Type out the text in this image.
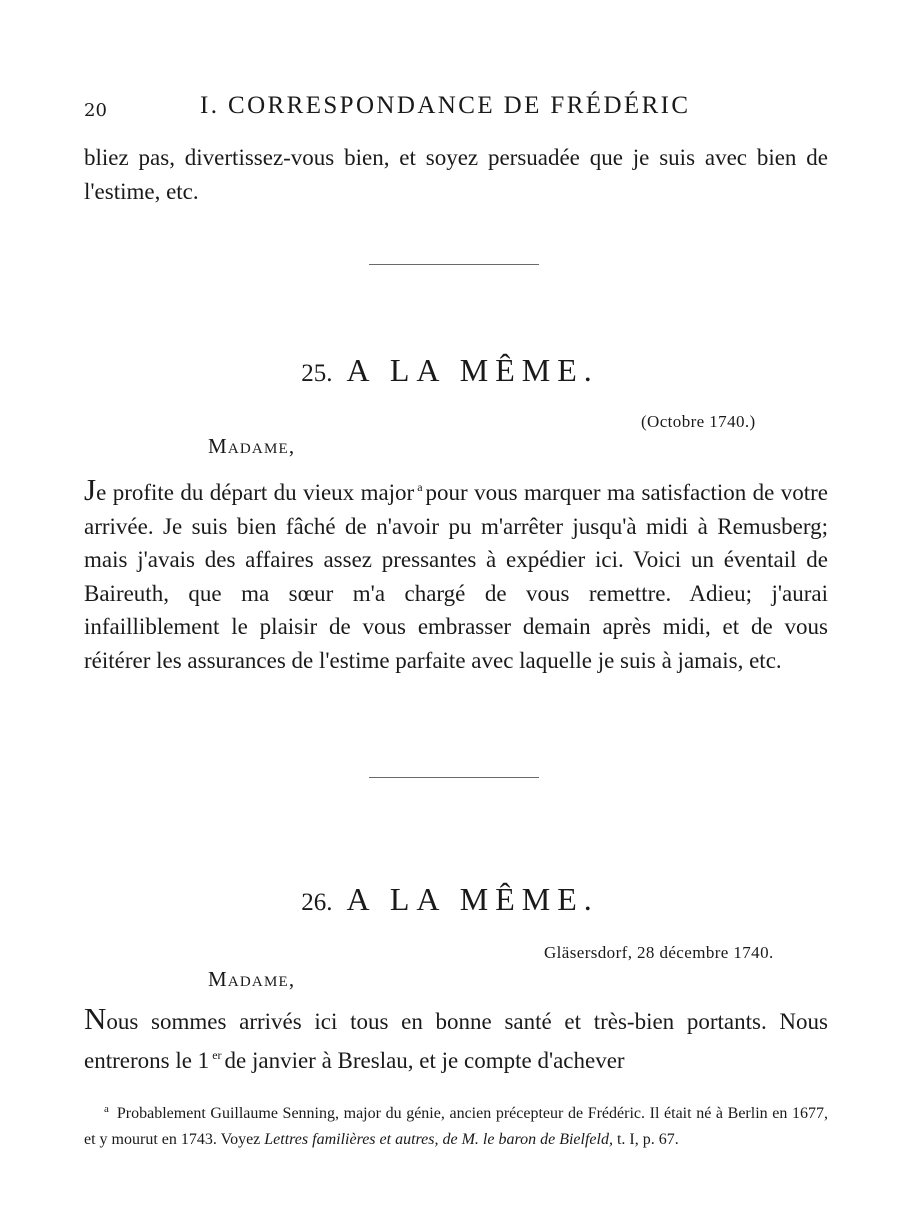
20	I. CORRESPONDANCE DE FRÉDÉRIC

bliez pas, divertissez-vous bien, et soyez persuadée que je suis avec bien de l'estime, etc.

25. A LA MÊME.
(Octobre 1740.)
Madame,

Je profite du départ du vieux major $^a$ pour vous marquer ma satisfaction de votre arrivée. Je suis bien fâché de n'avoir pu m'arrêter jusqu'à midi à Remusberg; mais j'avais des affaires assez pressantes à expédier ici. Voici un éventail de Baireuth, que ma sœur m'a chargé de vous remettre. Adieu; j'aurai infailliblement le plaisir de vous embrasser demain après midi, et de vous réitérer les assurances de l'estime parfaite avec laquelle je suis à jamais, etc.

26. A LA MÊME.
Gläsersdorf, 28 décembre 1740.
Madame,

Nous sommes arrivés ici tous en bonne santé et très-bien portants. Nous entrerons le 1 $^{er}$ de janvier à Breslau, et je compte d'achever

$^a$ Probablement Guillaume Senning, major du génie, ancien précepteur de Frédéric. Il était né à Berlin en 1677, et y mourut en 1743. Voyez Lettres familières et autres, de M. le baron de Bielfeld, t. I, p. 67.
